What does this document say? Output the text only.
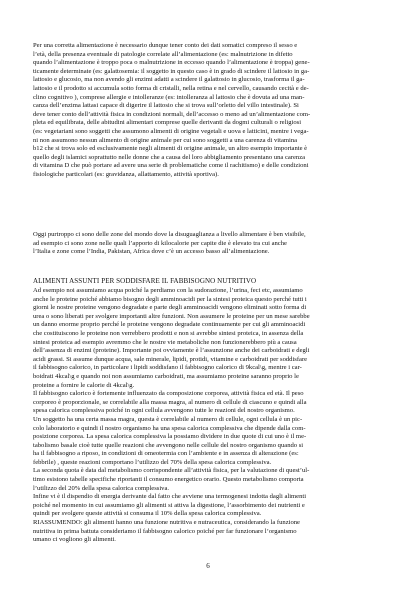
Per una corretta alimentazione è necessario dunque tener conto dei dati somatici compreso il sesso e
l’età, della presenza eventuale di patologie correlate all’alimentazione (es: malnutrizione in difetto
quando l’alimentazione è troppo poca o malnutrizione in eccesso quando l’alimentazione è troppa) gene-
ticamente determinate (es: galattosemia: il soggetto in questo caso è in grado di scindere il lattosio in ga-
lattosio e glucosio, ma non avendo gli enzimi adatti a scindere il galattosio in glucosio, trasforma il ga-
lattosio e il prodotto si accumula sotto forma di cristalli, nella retina e nel cervello, causando cecità e de-
clino cognitivo ), comprese allergie e intolleranze (es: intolleranza al lattosio che è dovuta ad una man-
canza dell’enzima lattasi capace di digerire il lattosio che si trova sull’orletto del villo intestinale). Si
deve tener conto dell’attività fisica in condizioni normali, dell’accesso o meno ad un’alimentazione com-
pleta ed equilibrata, delle abitudini alimentari comprese quelle derivanti da dogmi culturali o religiosi
(es: vegetariani sono soggetti che assumono alimenti di origine vegetali e uova e latticini, mentre i vega-
ni non assumono nessun alimento di origine animale per cui sono soggetti a una carenza di vitamina
b12 che si trova solo ed esclusivamente negli alimenti di origine animale, un altro esempio importante è
quello degli islamici soprattutto nelle donne che a causa del loro abbigliamento presentano una carenza
di vitamina D che può portare ad avere una serie di problematiche come il rachitismo) e delle condizioni
fisiologiche particolari (es: gravidanza, allattamento, attività sportiva).
Oggi purtroppo ci sono delle zone del mondo dove la disuguaglianza a livello alimentare è ben visibile,
ad esempio ci sono zone nelle quali l’apporto di kilocalorie per capite die è elevato tra cui anche
l’Italia e zone come l’India, Pakistan, Africa dove c’è un accesso basso all’alimentazione.
ALIMENTI ASSUNTI PER SODDISFARE IL FABBISOGNO NUTRITIVO
Ad esempio noi assumiamo acqua poiché la perdiamo con la sudorazione, l’urina, feci etc, assumiamo
anche le proteine poiché abbiamo bisogno degli amminoacidi per la sintesi proteica questo perché tutti i
giorni le nostre proteine vengono degradate e parte degli amminoacidi vengono eliminati sotto forma di
urea o sono liberati per svolgere importanti altre funzioni. Non assumere le proteine per un mese sarebbe
un danno enorme proprio perché le proteine vengono degradate continuamente per cui gli amminoacidi
che costituiscono le proteine non verrebbero prodotti e non si avrebbe sintesi proteica, in assenza della
sintesi proteica ad esempio avremmo che le nostre vie metaboliche non funzionerebbero più a causa
dell’assenza di enzimi (proteine). Importante poi ovviamente è l’assunzione anche dei carboidrati e degli
acidi grassi. Si assume dunque acqua, sale minerale, lipidi, protidi, vitamine e carboidrati per soddisfare
il fabbisogno calorico, in particolare i lipidi soddisfano il fabbisogno calorico di 9kcal\g, mentre i car-
boidrati 4kcal\g e quando noi non assumiamo carboidrati, ma assumiamo proteine saranno proprio le
proteine a fornire le calorie di 4kcal\g.
Il fabbisogno calorico è fortemente influenzato da composizione corporea, attività fisica ed età. Il peso
corporeo è proporzionale, se correlabile alla massa magra, al numero di cellule di ciascuno e quindi alla
spesa calorica complessiva poiché in ogni cellula avvengono tutte le reazioni del nostro organismo.
Un soggetto ha una certa massa magra, questa è correlabile al numero di cellule, ogni cellula è un pic-
colo laboratorio e quindi il nostro organismo ha una spesa calorica complessiva che dipende dalla com-
posizione corporea. La spesa calorica complessiva la possiamo dividere in due quote di cui uno è il me-
tabolismo basale cioè tutte quelle reazioni che avvengono nelle cellule del nostro organismo quando si
ha il fabbisogno a riposo, in condizioni di omeotermia con l’ambiente e in assenza di alterazione (es:
febbrile) , queste reazioni comportano l’utilizzo del 70% della spesa calorica complessiva.
La seconda quota è data dal metabolismo corrispondente all’attività fisica, per la valutazione di quest’ul-
timo esistono tabelle specifiche riportanti il consumo energetico orario. Questo metabolismo comporta
l’utilizzo del 20% della spesa calorica complessiva.
Infine vi è il dispendio di energia derivante dal fatto che avviene una termogenesi indotta dagli alimenti
poiché nel momento in cui assumiamo gli alimenti si attiva la digestione, l’assorbimento dei nutrienti e
quindi per svolgere queste attività si consuma il 10% della spesa calorica complessiva.
RIASSUMENDO: gli alimenti hanno una funzione nutritiva e nutraceutica, considerando la funzione
nutritiva in prima battuta consideriamo il fabbisogno calorico poiché per far funzionare l’organismo
umano ci vogliono gli alimenti.
6
